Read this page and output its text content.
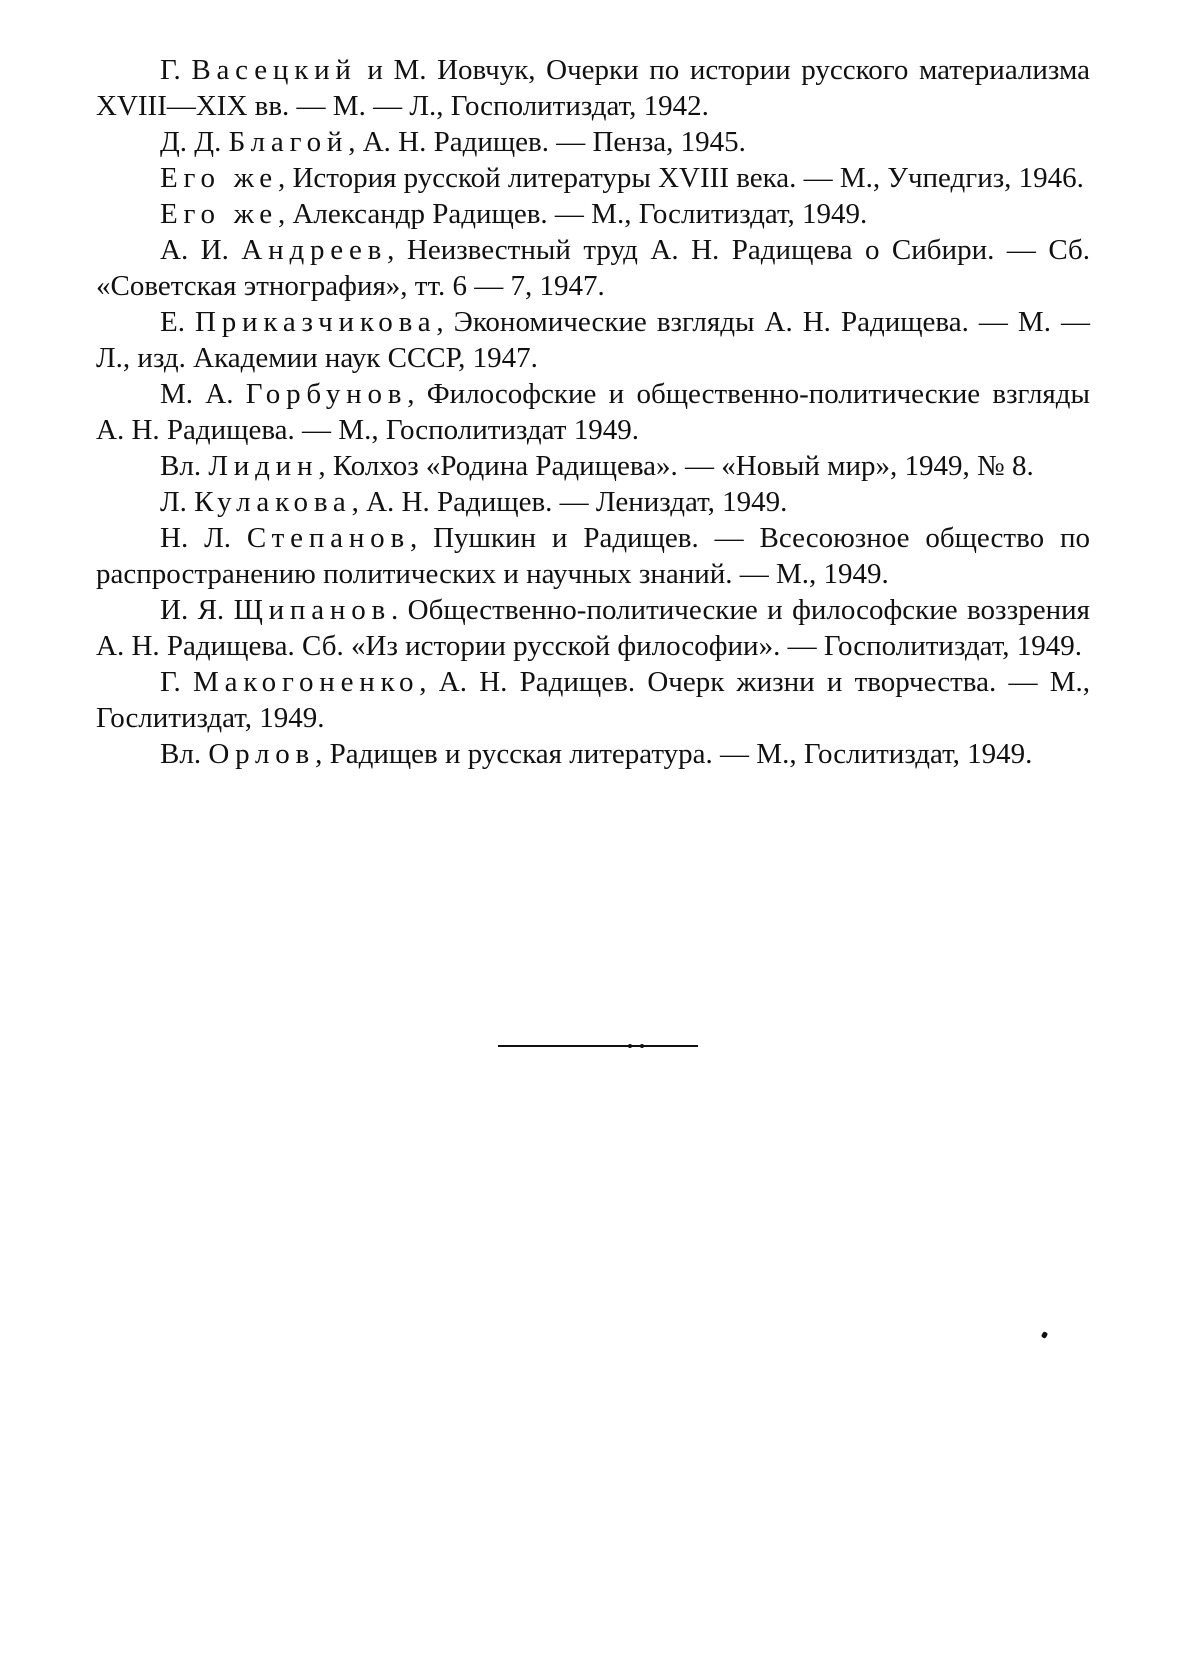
Г. Васецкий и М. Иовчук, Очерки по истории русского материализма XVIII—XIX вв. — М. — Л., Госполитиздат, 1942.
Д. Д. Благой, А. Н. Радищев. — Пенза, 1945.
Его же, История русской литературы XVIII века. — М., Учпедгиз, 1946.
Его же, Александр Радищев. — М., Гослитиздат, 1949.
А. И. Андреев, Неизвестный труд А. Н. Радищева о Сибири. — Сб. «Советская этнография», тт. 6 — 7, 1947.
Е. Приказчикова, Экономические взгляды А. Н. Радищева. — М. — Л., изд. Академии наук СССР, 1947.
М. А. Горбунов, Философские и общественно-политические взгляды А. Н. Радищева. — М., Госполитиздат 1949.
Вл. Лидин, Колхоз «Родина Радищева». — «Новый мир», 1949, № 8.
Л. Кулакова, А. Н. Радищев. — Лениздат, 1949.
Н. Л. Степанов, Пушкин и Радищев. — Всесоюзное общество по распространению политических и научных знаний. — М., 1949.
И. Я. Щипанов. Общественно-политические и философские воззрения А. Н. Радищева. Сб. «Из истории русской философии». — Госполитиздат, 1949.
Г. Макогоненко, А. Н. Радищев. Очерк жизни и творчества. — М., Гослитиздат, 1949.
Вл. Орлов, Радищев и русская литература. — М., Гослитиздат, 1949.
